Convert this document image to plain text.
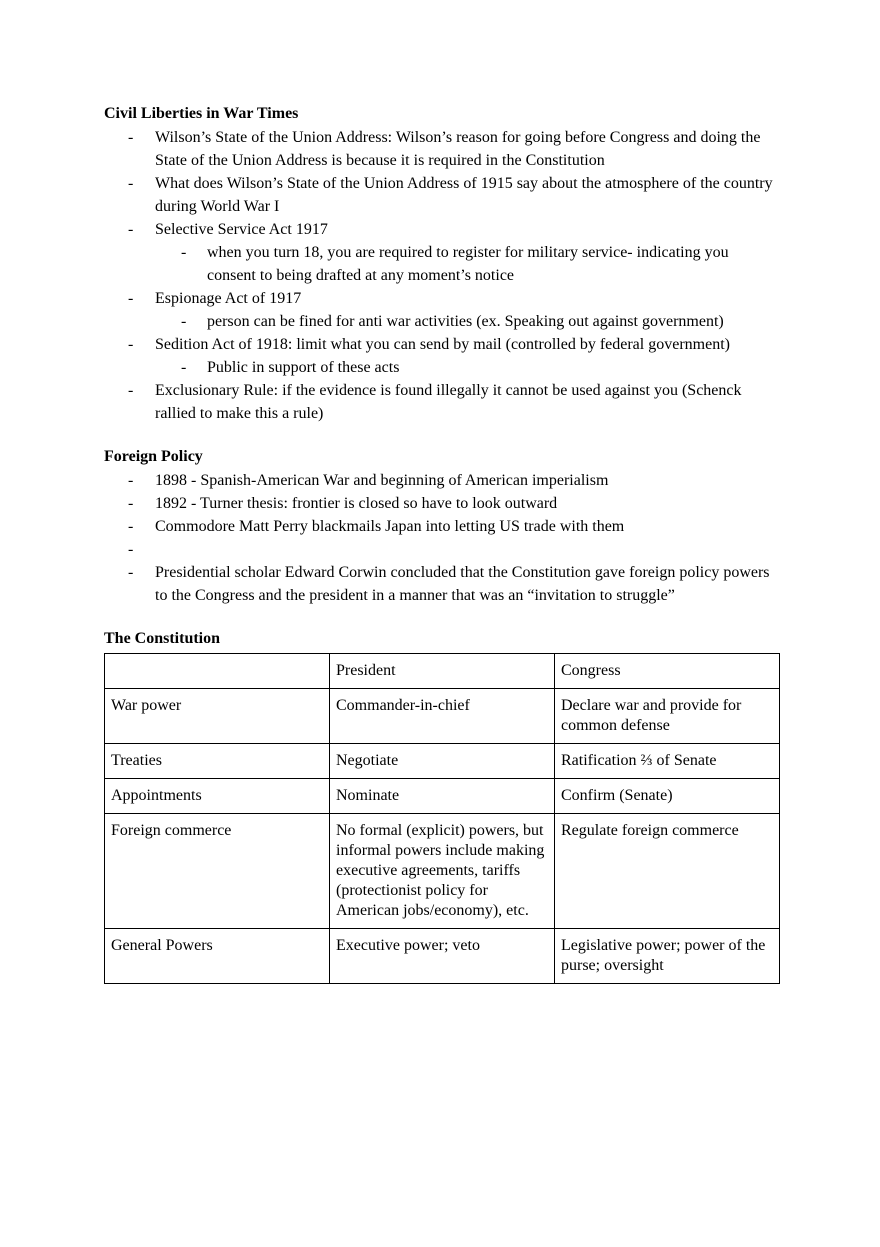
Civil Liberties in War Times
- Wilson’s State of the Union Address: Wilson’s reason for going before Congress and doing the State of the Union Address is because it is required in the Constitution
- What does Wilson’s State of the Union Address of 1915 say about the atmosphere of the country during World War I
- Selective Service Act 1917
- when you turn 18, you are required to register for military service- indicating you consent to being drafted at any moment’s notice
- Espionage Act of 1917
- person can be fined for anti war activities (ex. Speaking out against government)
- Sedition Act of 1918: limit what you can send by mail (controlled by federal government)
- Public in support of these acts
- Exclusionary Rule: if the evidence is found illegally it cannot be used against you (Schenck rallied to make this a rule)
Foreign Policy
- 1898 - Spanish-American War and beginning of American imperialism
- 1892 - Turner thesis: frontier is closed so have to look outward
- Commodore Matt Perry blackmails Japan into letting US trade with them
-
- Presidential scholar Edward Corwin concluded that the Constitution gave foreign policy powers to the Congress and the president in a manner that was an “invitation to struggle”
The Constitution
	President	Congress
War power	Commander-in-chief	Declare war and provide for common defense
Treaties	Negotiate	Ratification ⅔ of Senate
Appointments	Nominate	Confirm (Senate)
Foreign commerce	No formal (explicit) powers, but informal powers include making executive agreements, tariffs (protectionist policy for American jobs/economy), etc.	Regulate foreign commerce
General Powers	Executive power; veto	Legislative power; power of the purse; oversight
